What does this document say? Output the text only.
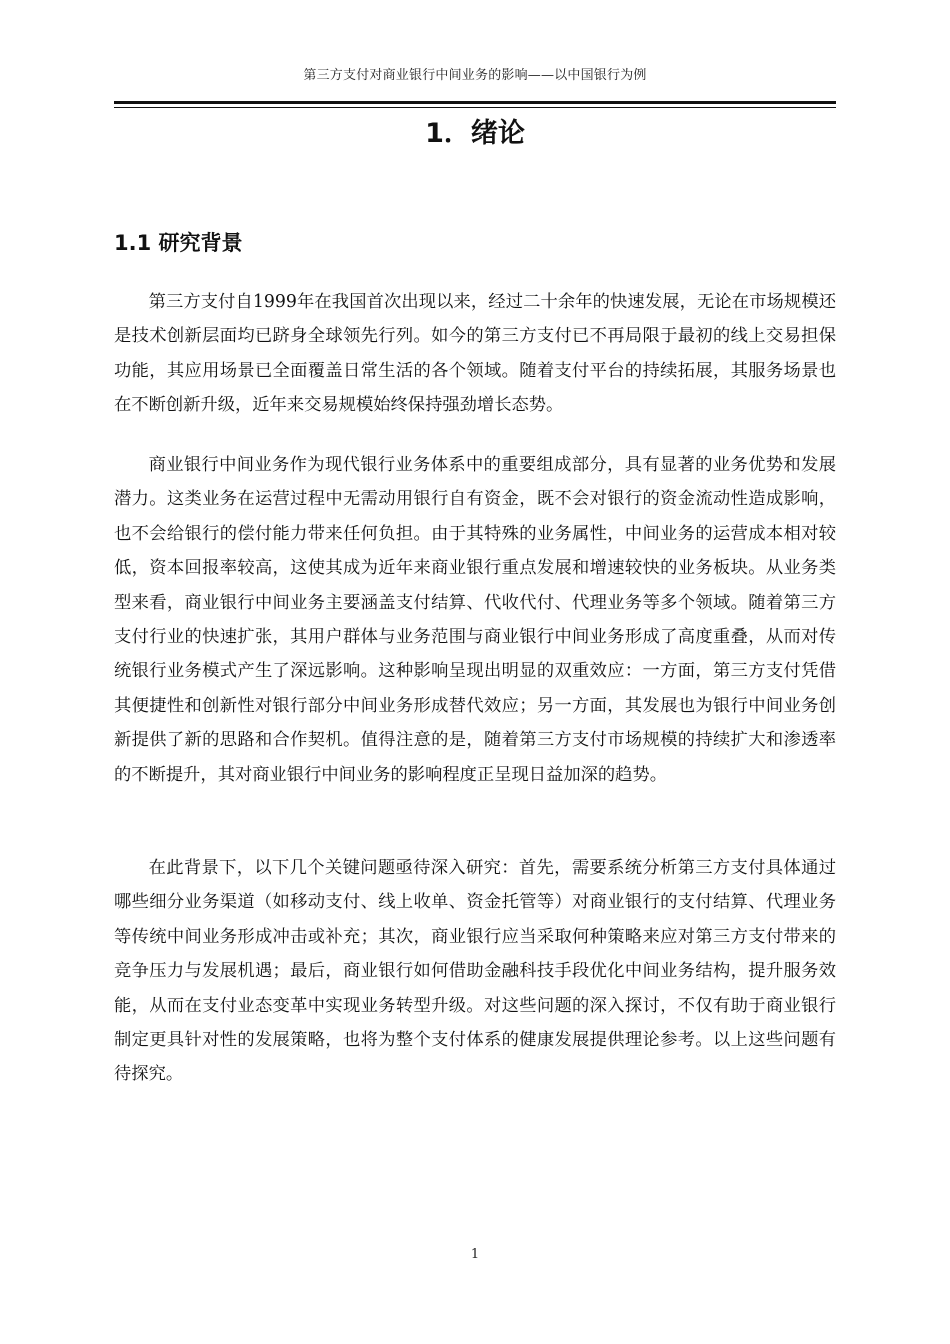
第三方支付对商业银行中间业务的影响——以中国银行为例
1．绪论
1.1 研究背景

第三方支付自1999年在我国首次出现以来，经过二十余年的快速发展，无论在市场规模还是技术创新层面均已跻身全球领先行列。如今的第三方支付已不再局限于最初的线上交易担保功能，其应用场景已全面覆盖日常生活的各个领域。随着支付平台的持续拓展，其服务场景也在不断创新升级，近年来交易规模始终保持强劲增长态势。

商业银行中间业务作为现代银行业务体系中的重要组成部分，具有显著的业务优势和发展潜力。这类业务在运营过程中无需动用银行自有资金，既不会对银行的资金流动性造成影响，也不会给银行的偿付能力带来任何负担。由于其特殊的业务属性，中间业务的运营成本相对较低，资本回报率较高，这使其成为近年来商业银行重点发展和增速较快的业务板块。从业务类型来看，商业银行中间业务主要涵盖支付结算、代收代付、代理业务等多个领域。随着第三方支付行业的快速扩张，其用户群体与业务范围与商业银行中间业务形成了高度重叠，从而对传统银行业务模式产生了深远影响。这种影响呈现出明显的双重效应：一方面，第三方支付凭借其便捷性和创新性对银行部分中间业务形成替代效应；另一方面，其发展也为银行中间业务创新提供了新的思路和合作契机。值得注意的是，随着第三方支付市场规模的持续扩大和渗透率的不断提升，其对商业银行中间业务的影响程度正呈现日益加深的趋势。

在此背景下，以下几个关键问题亟待深入研究：首先，需要系统分析第三方支付具体通过哪些细分业务渠道（如移动支付、线上收单、资金托管等）对商业银行的支付结算、代理业务等传统中间业务形成冲击或补充；其次，商业银行应当采取何种策略来应对第三方支付带来的竞争压力与发展机遇；最后，商业银行如何借助金融科技手段优化中间业务结构，提升服务效能，从而在支付业态变革中实现业务转型升级。对这些问题的深入探讨，不仅有助于商业银行制定更具针对性的发展策略，也将为整个支付体系的健康发展提供理论参考。以上这些问题有待探究。

1
